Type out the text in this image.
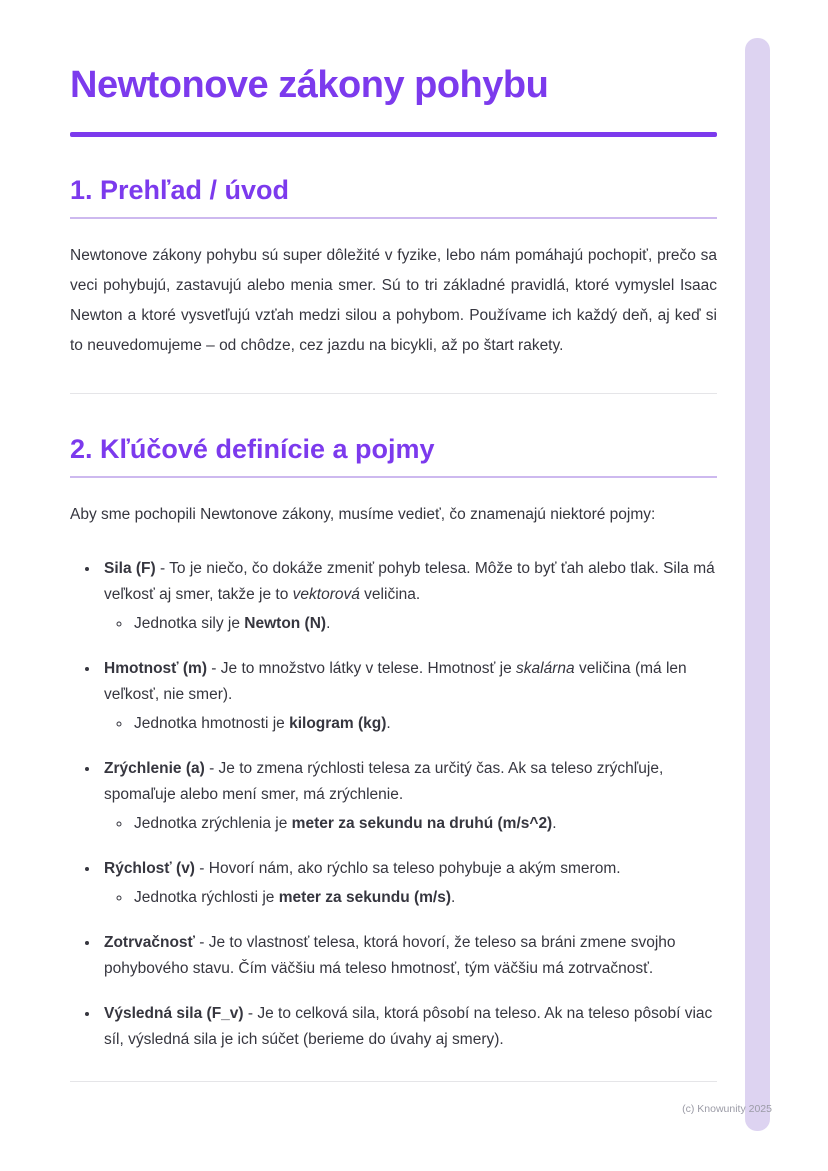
Newtonove zákony pohybu
1. Prehľad / úvod

Newtonove zákony pohybu sú super dôležité v fyzike, lebo nám pomáhajú pochopiť, prečo sa veci pohybujú, zastavujú alebo menia smer. Sú to tri základné pravidlá, ktoré vymyslel Isaac Newton a ktoré vysvetľujú vzťah medzi silou a pohybom. Používame ich každý deň, aj keď si to neuvedomujeme – od chôdze, cez jazdu na bicykli, až po štart rakety.

2. Kľúčové definície a pojmy

Aby sme pochopili Newtonove zákony, musíme vedieť, čo znamenajú niektoré pojmy:

• Sila (F) - To je niečo, čo dokáže zmeniť pohyb telesa. Môže to byť ťah alebo tlak. Sila má veľkosť aj smer, takže je to vektorová veličina.
◦ Jednotka sily je Newton (N).
• Hmotnosť (m) - Je to množstvo látky v telese. Hmotnosť je skalárna veličina (má len veľkosť, nie smer).
◦ Jednotka hmotnosti je kilogram (kg).
• Zrýchlenie (a) - Je to zmena rýchlosti telesa za určitý čas. Ak sa teleso zrýchľuje, spomaľuje alebo mení smer, má zrýchlenie.
◦ Jednotka zrýchlenia je meter za sekundu na druhú (m/s^2).
• Rýchlosť (v) - Hovorí nám, ako rýchlo sa teleso pohybuje a akým smerom.
◦ Jednotka rýchlosti je meter za sekundu (m/s).
• Zotrvačnosť - Je to vlastnosť telesa, ktorá hovorí, že teleso sa bráni zmene svojho pohybového stavu. Čím väčšiu má teleso hmotnosť, tým väčšiu má zotrvačnosť.
• Výsledná sila (F_v) - Je to celková sila, ktorá pôsobí na teleso. Ak na teleso pôsobí viac síl, výsledná sila je ich súčet (berieme do úvahy aj smery).
(c) Knowunity 2025
